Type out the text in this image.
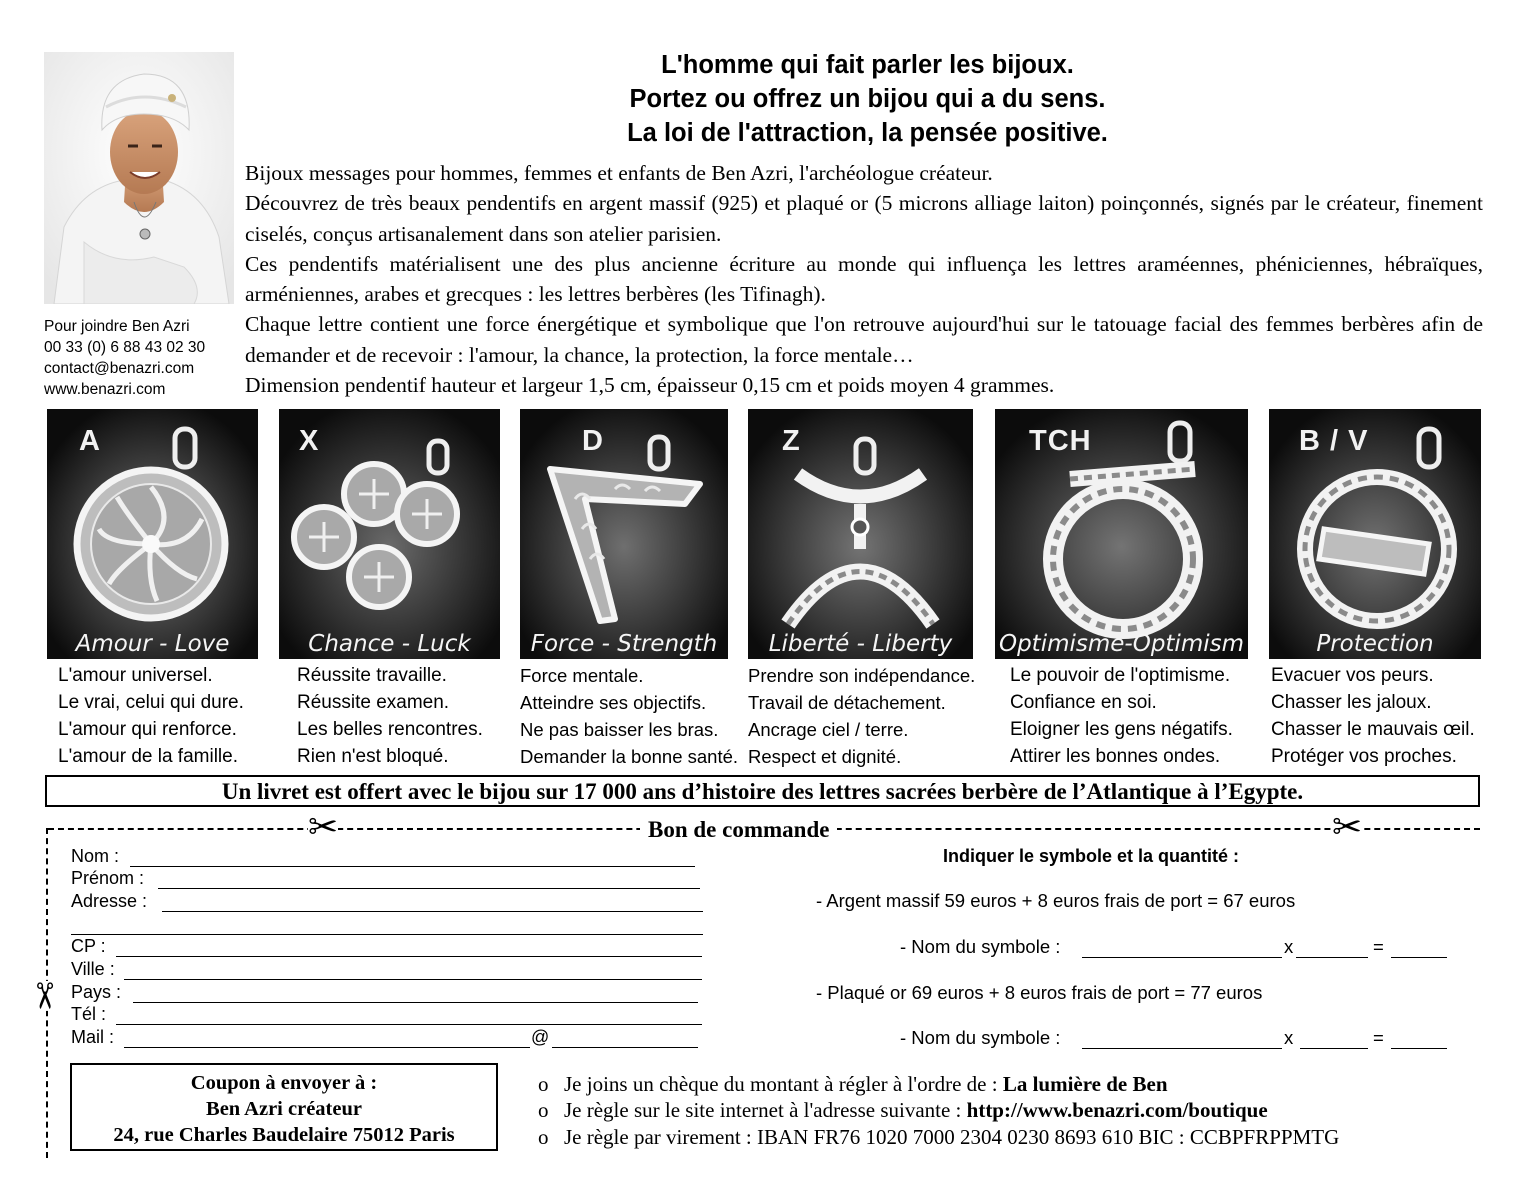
Pour joindre Ben Azri
00 33 (0) 6 88 43 02 30
contact@benazri.com
www.benazri.com
L'homme qui fait parler les bijoux.
Portez ou offrez un bijou qui a du sens.
La loi de l'attraction, la pensée positive.

Bijoux messages pour hommes, femmes et enfants de Ben Azri, l'archéologue créateur.

Découvrez de très beaux pendentifs en argent massif (925) et plaqué or (5 microns alliage laiton) poinçonnés, signés par le créateur, finement ciselés, conçus artisanalement dans son atelier parisien.

Ces pendentifs matérialisent une des plus ancienne écriture au monde qui influença les lettres araméennes, phéniciennes, hébraïques, arméniennes, arabes et grecques : les lettres berbères (les Tifinagh).

Chaque lettre contient une force énergétique et symbolique que l'on retrouve aujourd'hui sur le tatouage facial des femmes berbères afin de demander et de recevoir : l'amour, la chance, la protection, la force mentale…

Dimension pendentif hauteur et largeur 1,5 cm, épaisseur 0,15 cm et poids moyen 4 grammes.

A
Amour - Love
X
Chance - Luck
D
Force - Strength
Z
Liberté - Liberty
TCH
Optimisme-Optimism
B / V
Protection
L'amour universel.
Le vrai, celui qui dure.
L'amour qui renforce.
L'amour de la famille.
Réussite travaille.
Réussite examen.
Les belles rencontres.
Rien n'est bloqué.
Force mentale.
Atteindre ses objectifs.
Ne pas baisser les bras.
Demander la bonne santé.
Prendre son indépendance.
Travail de détachement.
Ancrage ciel / terre.
Respect et dignité.
Le pouvoir de l'optimisme.
Confiance en soi.
Eloigner les gens négatifs.
Attirer les bonnes ondes.
Evacuer vos peurs.
Chasser les jaloux.
Chasser le mauvais œil.
Protéger vos proches.
Un livret est offert avec le bijou sur 17 000 ans d’histoire des lettres sacrées berbère de l’Atlantique à l’Egypte.
✂	✂
✂
Bon de commande
Nom :
Prénom :
Adresse :
CP :
Ville :
Pays :
Tél :
Mail :	@
Indiquer le symbole et la quantité :
- Argent massif 59 euros + 8 euros frais de port = 67 euros
- Nom du symbole :	x	=
- Plaqué or 69 euros + 8 euros frais de port = 77 euros
- Nom du symbole :	x	=
Coupon à envoyer à :
Ben Azri créateur
24, rue Charles Baudelaire 75012 Paris
o Je joins un chèque du montant à régler à l'ordre de : La lumière de Ben
o Je règle sur le site internet à l'adresse suivante : http://www.benazri.com/boutique
o Je règle par virement : IBAN FR76 1020 7000 2304 0230 8693 610 BIC : CCBPFRPPMTG
